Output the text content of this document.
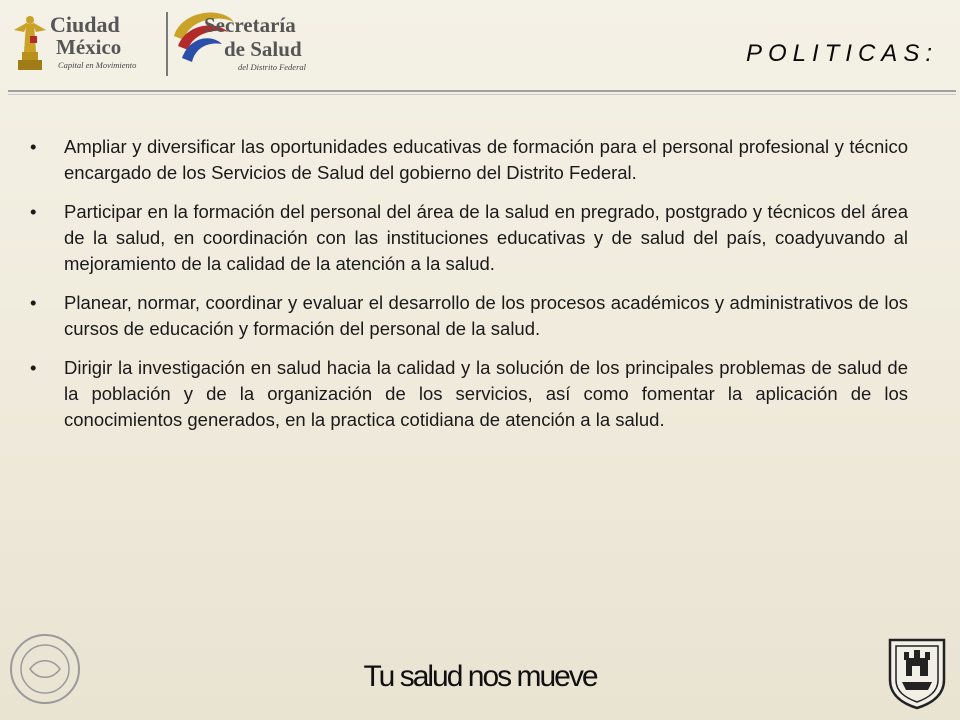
Ciudad
México
Capital en Movimiento
Secretaría
de Salud
del Distrito Federal	POLITICAS:
• Ampliar y diversificar las oportunidades educativas de formación para el personal profesional y técnico encargado de los Servicios de Salud del gobierno del Distrito Federal.
• Participar en la formación del personal del área de la salud en pregrado, postgrado y técnicos del área de la salud, en coordinación con las instituciones educativas y de salud del país, coadyuvando al mejoramiento de la calidad de la atención a la salud.
• Planear, normar, coordinar y evaluar el desarrollo de los procesos académicos y administrativos de los cursos de educación y formación del personal de la salud.
• Dirigir la investigación en salud hacia la calidad y la solución de los principales problemas de salud de la población y de la organización de los servicios, así como fomentar la aplicación de los conocimientos generados, en la practica cotidiana de atención a la salud.
Tu salud nos mueve
